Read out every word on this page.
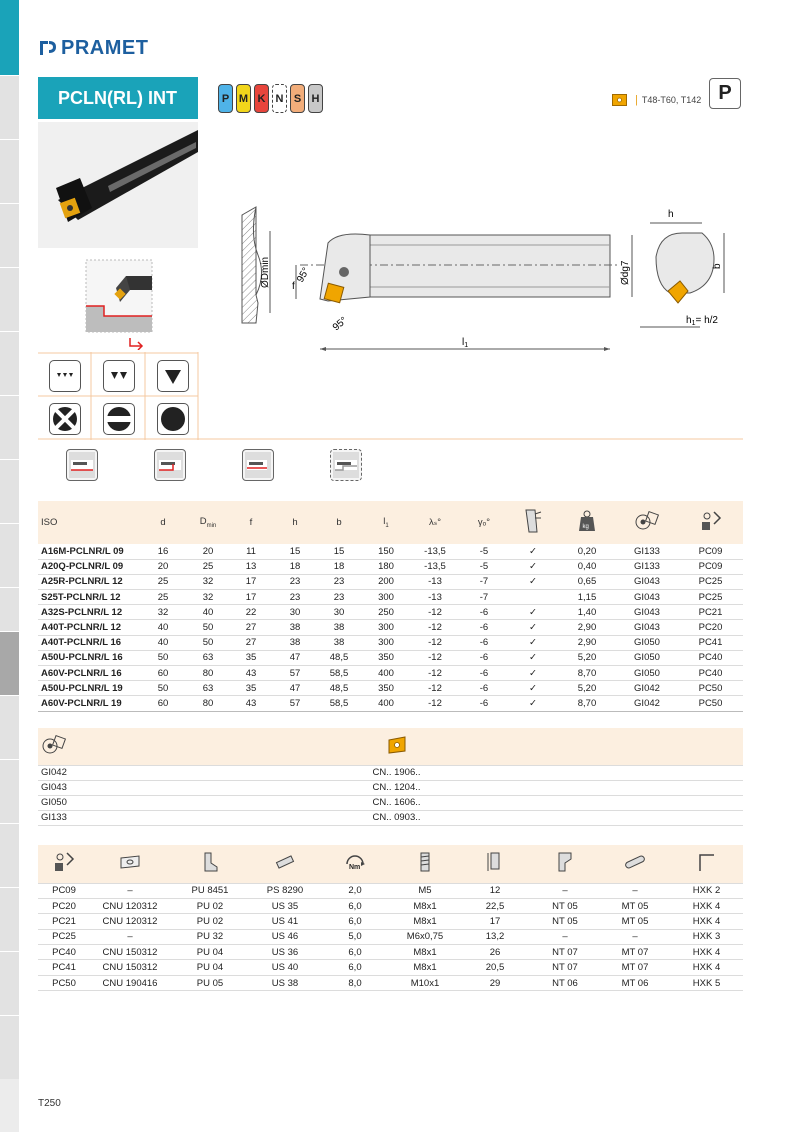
PRAMET
PCLN(RL) INT	P M K N S H	| T48-T60, T142 P
ØDmin f
95°
95°
$l_1$
Ødg7
h
b
$h_1= h/2$
ISO	d	$D_{min}$	f	h	b	$l_1$	λₛ°	γₒ°		kg

A16M-PCLNR/L 09	16	20	11	15	15	150	-13,5	-5	✓	0,20	GI133	PC09
A20Q-PCLNR/L 09	20	25	13	18	18	180	-13,5	-5	✓	0,40	GI133	PC09
A25R-PCLNR/L 12	25	32	17	23	23	200	-13	-7	✓	0,65	GI043	PC25
S25T-PCLNR/L 12	25	32	17	23	23	300	-13	-7		1,15	GI043	PC25
A32S-PCLNR/L 12	32	40	22	30	30	250	-12	-6	✓	1,40	GI043	PC21
A40T-PCLNR/L 12	40	50	27	38	38	300	-12	-6	✓	2,90	GI043	PC20
A40T-PCLNR/L 16	40	50	27	38	38	300	-12	-6	✓	2,90	GI050	PC41
A50U-PCLNR/L 16	50	63	35	47	48,5	350	-12	-6	✓	5,20	GI050	PC40
A60V-PCLNR/L 16	60	80	43	57	58,5	400	-12	-6	✓	8,70	GI050	PC40
A50U-PCLNR/L 19	50	63	35	47	48,5	350	-12	-6	✓	5,20	GI042	PC50
A60V-PCLNR/L 19	60	80	43	57	58,5	400	-12	-6	✓	8,70	GI042	PC50

GI042	CN.. 1906..
GI043	CN.. 1204..
GI050	CN.. 1606..
GI133	CN.. 0903..

Nm

PC09	–	PU 8451	PS 8290	2,0	M5	12	–	–	HXK 2
PC20	CNU 120312	PU 02	US 35	6,0	M8x1	22,5	NT 05	MT 05	HXK 4
PC21	CNU 120312	PU 02	US 41	6,0	M8x1	17	NT 05	MT 05	HXK 4
PC25	–	PU 32	US 46	5,0	M6x0,75	13,2	–	–	HXK 3
PC40	CNU 150312	PU 04	US 36	6,0	M8x1	26	NT 07	MT 07	HXK 4
PC41	CNU 150312	PU 04	US 40	6,0	M8x1	20,5	NT 07	MT 07	HXK 4
PC50	CNU 190416	PU 05	US 38	8,0	M10x1	29	NT 06	MT 06	HXK 5
T250
